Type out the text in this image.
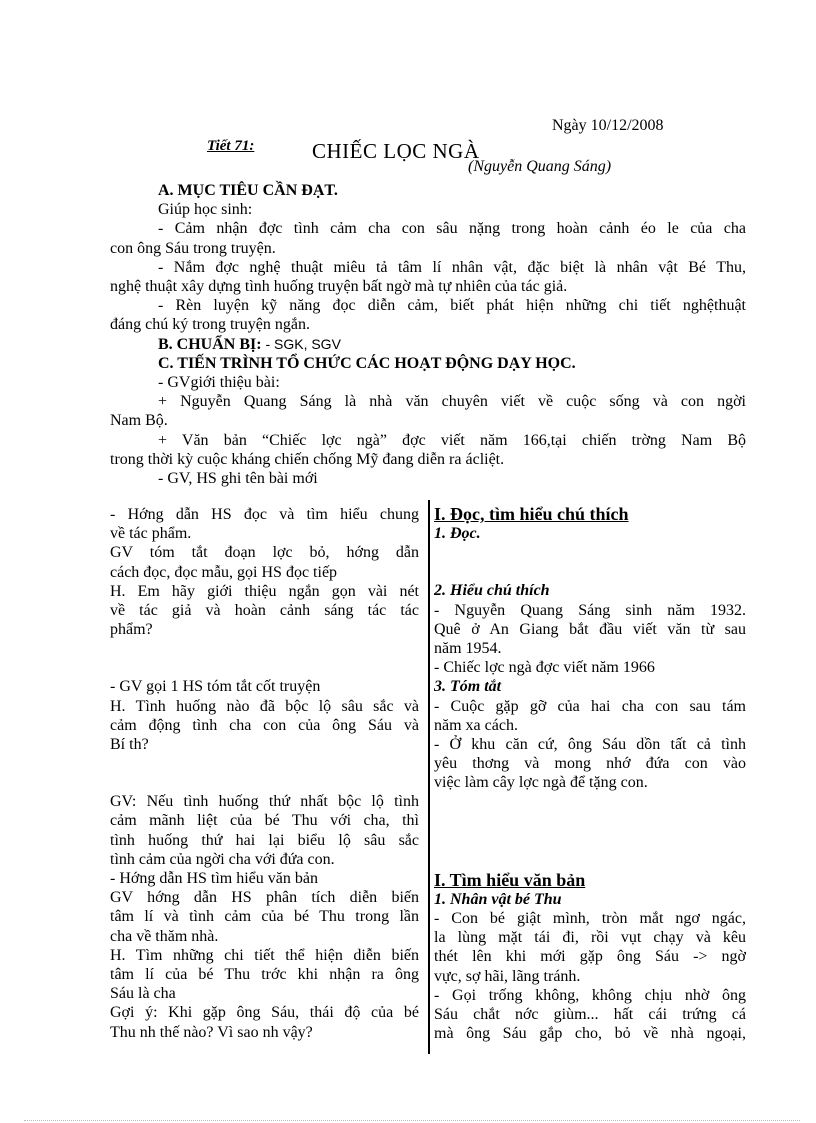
Ngày 10/12/2008
Tiết 71:	CHIẾC LỌC NGÀ
(Nguyễn Quang Sáng)
A. MỤC TIÊU CẦN ĐẠT.
Giúp học sinh:
- Cảm nhận đợc tình cảm cha con sâu nặng trong hoàn cảnh éo le của cha
con ông Sáu trong truyện.
- Nắm đợc nghệ thuật miêu tả tâm lí nhân vật, đặc biệt là nhân vật Bé Thu,
nghệ thuật xây dựng tình huống truyện bất ngờ mà tự nhiên của tác giả.
- Rèn luyện kỹ năng đọc diễn cảm, biết phát hiện những chi tiết nghệthuật
đáng chú ký trong truyện ngắn.
B. CHUẨN BỊ: - SGK, SGV
C. TIẾN TRÌNH TỔ CHỨC CÁC HOẠT ĐỘNG DẠY HỌC.
- GVgiới thiệu bài:
+ Nguyễn Quang Sáng là nhà văn chuyên viết về cuộc sống và con ngời
Nam Bộ.
+ Văn bản “Chiếc lợc ngà” đợc viết năm 166,tại chiến trờng Nam Bộ
trong thời kỳ cuộc kháng chiến chống Mỹ đang diễn ra ácliệt.
- GV, HS ghi tên bài mới
- Hớng dẫn HS đọc và tìm hiểu chung
về tác phẩm.
GV tóm tắt đoạn lợc bỏ, hớng dẫn
cách đọc, đọc mẫu, gọi HS đọc tiếp
H. Em hãy giới thiệu ngắn gọn vài nét
về tác giả và hoàn cảnh sáng tác tác
phẩm?
- GV gọi 1 HS tóm tắt cốt truyện
H. Tình huống nào đã bộc lộ sâu sắc và
cảm động tình cha con của ông Sáu và
Bí th?
GV: Nếu tình huống thứ nhất bộc lộ tình
cảm mãnh liệt của bé Thu với cha, thì
tình huống thứ hai lại biểu lộ sâu sắc
tình cảm của ngời cha với đứa con.
- Hớng dẫn HS tìm hiểu văn bản
GV hớng dẫn HS phân tích diễn biến
tâm lí và tình cảm của bé Thu trong lần
cha về thăm nhà.
H. Tìm những chi tiết thể hiện diễn biến
tâm lí của bé Thu trớc khi nhận ra ông
Sáu là cha
Gợi ý: Khi gặp ông Sáu, thái độ của bé
Thu nh thế nào? Vì sao nh vậy?
I. Đọc, tìm hiểu chú thích
1. Đọc.
2. Hiểu chú thích
- Nguyễn Quang Sáng sinh năm 1932.
Quê ở An Giang bắt đầu viết văn từ sau
năm 1954.
- Chiếc lợc ngà đợc viết năm 1966
3. Tóm tắt
- Cuộc gặp gỡ của hai cha con sau tám
năm xa cách.
- Ở khu căn cứ, ông Sáu dồn tất cả tình
yêu thơng và mong nhớ đứa con vào
việc làm cây lợc ngà để tặng con.
I. Tìm hiểu văn bản
1. Nhân vật bé Thu
- Con bé giật mình, tròn mắt ngơ ngác,
la lùng mặt tái đi, rồi vụt chạy và kêu
thét lên khi mới gặp ông Sáu -> ngờ
vực, sợ hãi, lãng tránh.
- Gọi trống không, không chịu nhờ ông
Sáu chắt nớc giùm... hất cái trứng cá
mà ông Sáu gắp cho, bỏ về nhà ngoại,
